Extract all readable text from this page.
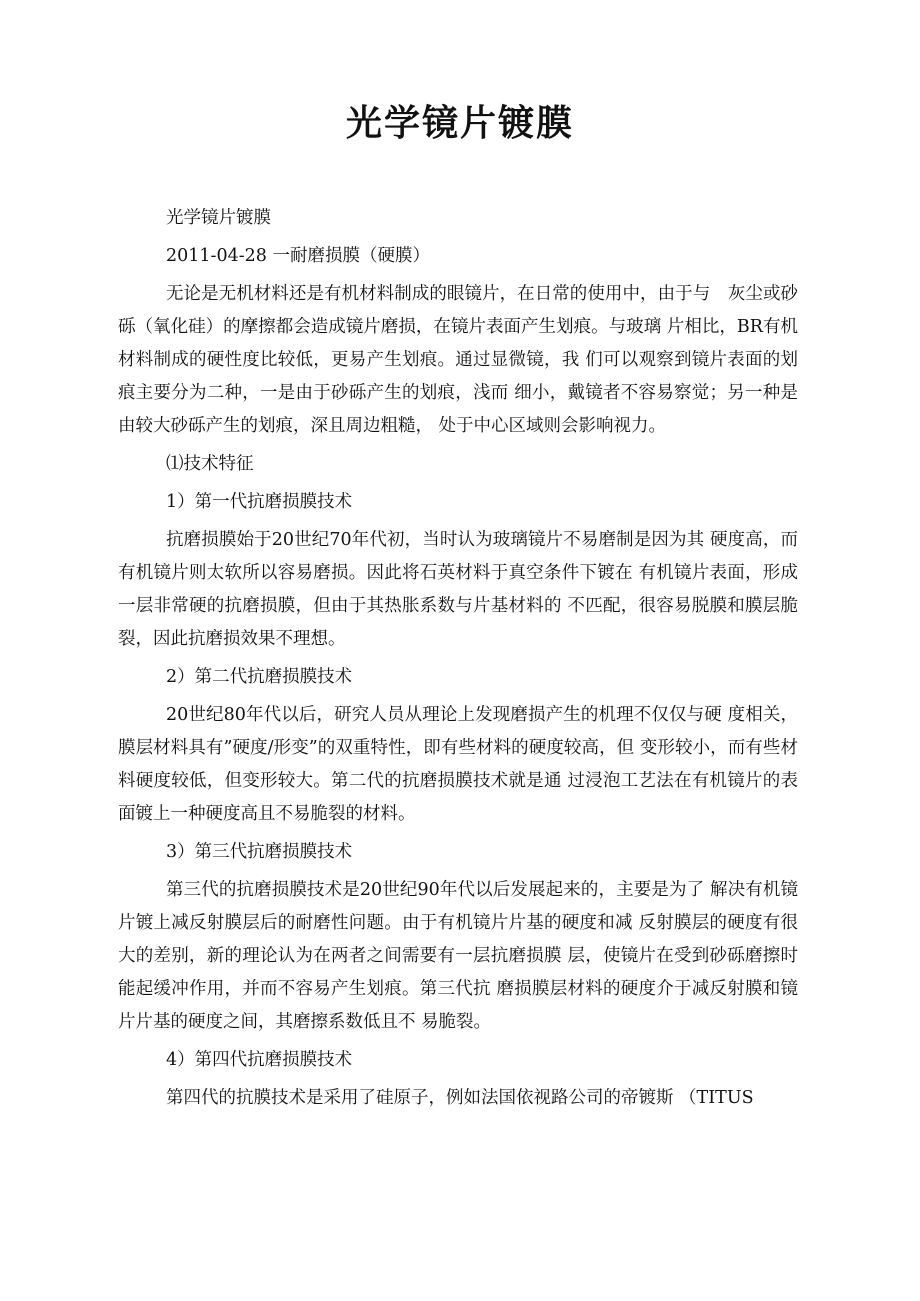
光学镜片镀膜

光学镜片镀膜

2011-04-28 一耐磨损膜（硬膜）

无论是无机材料还是有机材料制成的眼镜片，在日常的使用中，由于与　灰尘或砂砾（氧化硅）的摩擦都会造成镜片磨损，在镜片表面产生划痕。与玻璃 片相比，BR有机材料制成的硬性度比较低，更易产生划痕。通过显微镜，我 们可以观察到镜片表面的划痕主要分为二种，一是由于砂砾产生的划痕，浅而 细小，戴镜者不容易察觉；另一种是由较大砂砾产生的划痕，深且周边粗糙， 处于中心区域则会影响视力。

⑴技术特征

1）第一代抗磨损膜技术

抗磨损膜始于20世纪70年代初，当时认为玻璃镜片不易磨制是因为其 硬度高，而有机镜片则太软所以容易磨损。因此将石英材料于真空条件下镀在 有机镜片表面，形成一层非常硬的抗磨损膜，但由于其热胀系数与片基材料的 不匹配，很容易脱膜和膜层脆裂，因此抗磨损效果不理想。

2）第二代抗磨损膜技术

20世纪80年代以后，研究人员从理论上发现磨损产生的机理不仅仅与硬 度相关，膜层材料具有”硬度/形变”的双重特性，即有些材料的硬度较高，但 变形较小，而有些材料硬度较低，但变形较大。第二代的抗磨损膜技术就是通 过浸泡工艺法在有机镜片的表面镀上一种硬度高且不易脆裂的材料。

3）第三代抗磨损膜技术

第三代的抗磨损膜技术是20世纪90年代以后发展起来的，主要是为了 解决有机镜片镀上减反射膜层后的耐磨性问题。由于有机镜片片基的硬度和减 反射膜层的硬度有很大的差别，新的理论认为在两者之间需要有一层抗磨损膜 层，使镜片在受到砂砾磨擦时能起缓冲作用，并而不容易产生划痕。第三代抗 磨损膜层材料的硬度介于减反射膜和镜片片基的硬度之间，其磨擦系数低且不 易脆裂。

4）第四代抗磨损膜技术

第四代的抗膜技术是采用了硅原子，例如法国依视路公司的帝镀斯 （TITUS
